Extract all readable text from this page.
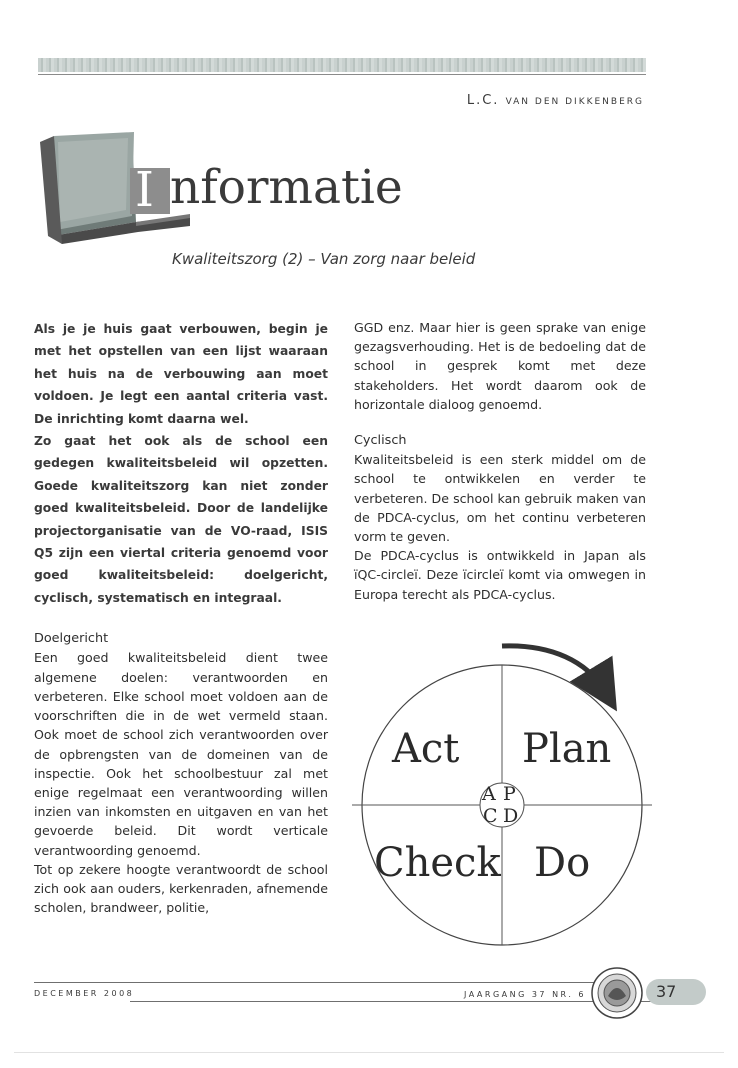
L.C. VAN DEN DIKKENBERG
I nformatie
Kwaliteitszorg (2) – Van zorg naar beleid

Als je je huis gaat verbouwen, begin je met het opstellen van een lijst waaraan het huis na de verbouwing aan moet voldoen. Je legt een aantal criteria vast. De inrichting komt daarna wel.

Zo gaat het ook als de school een gedegen kwaliteitsbeleid wil opzetten. Goede kwaliteitszorg kan niet zonder goed kwaliteitsbeleid. Door de landelijke projectorganisatie van de VO-raad, ISIS Q5 zijn een viertal criteria genoemd voor goed kwaliteitsbeleid: doelgericht, cyclisch, systematisch en integraal.

Doelgericht

Een goed kwaliteitsbeleid dient twee algemene doelen: verantwoorden en verbeteren. Elke school moet voldoen aan de voorschriften die in de wet vermeld staan. Ook moet de school zich verantwoorden over de opbrengsten van de domeinen van de inspectie. Ook het schoolbestuur zal met enige regelmaat een verantwoording willen inzien van inkomsten en uitgaven en van het gevoerde beleid. Dit wordt verticale verantwoording genoemd.

Tot op zekere hoogte verantwoordt de school zich ook aan ouders, kerkenraden, afnemende scholen, brandweer, politie,

GGD enz. Maar hier is geen sprake van enige gezagsverhouding. Het is de bedoeling dat de school in gesprek komt met deze stakeholders. Het wordt daarom ook de horizontale dialoog genoemd.

Cyclisch

Kwaliteitsbeleid is een sterk middel om de school te ontwikkelen en verder te verbeteren. De school kan gebruik maken van de PDCA-cyclus, om het continu verbeteren vorm te geven.

De PDCA-cyclus is ontwikkeld in Japan als ïQC-circleï. Deze ïcircleï komt via omwegen in Europa terecht als PDCA-cyclus.

Act Plan
Check Do
A P
C D
DECEMBER 2008	JAARGANG 37 NR. 6	37
